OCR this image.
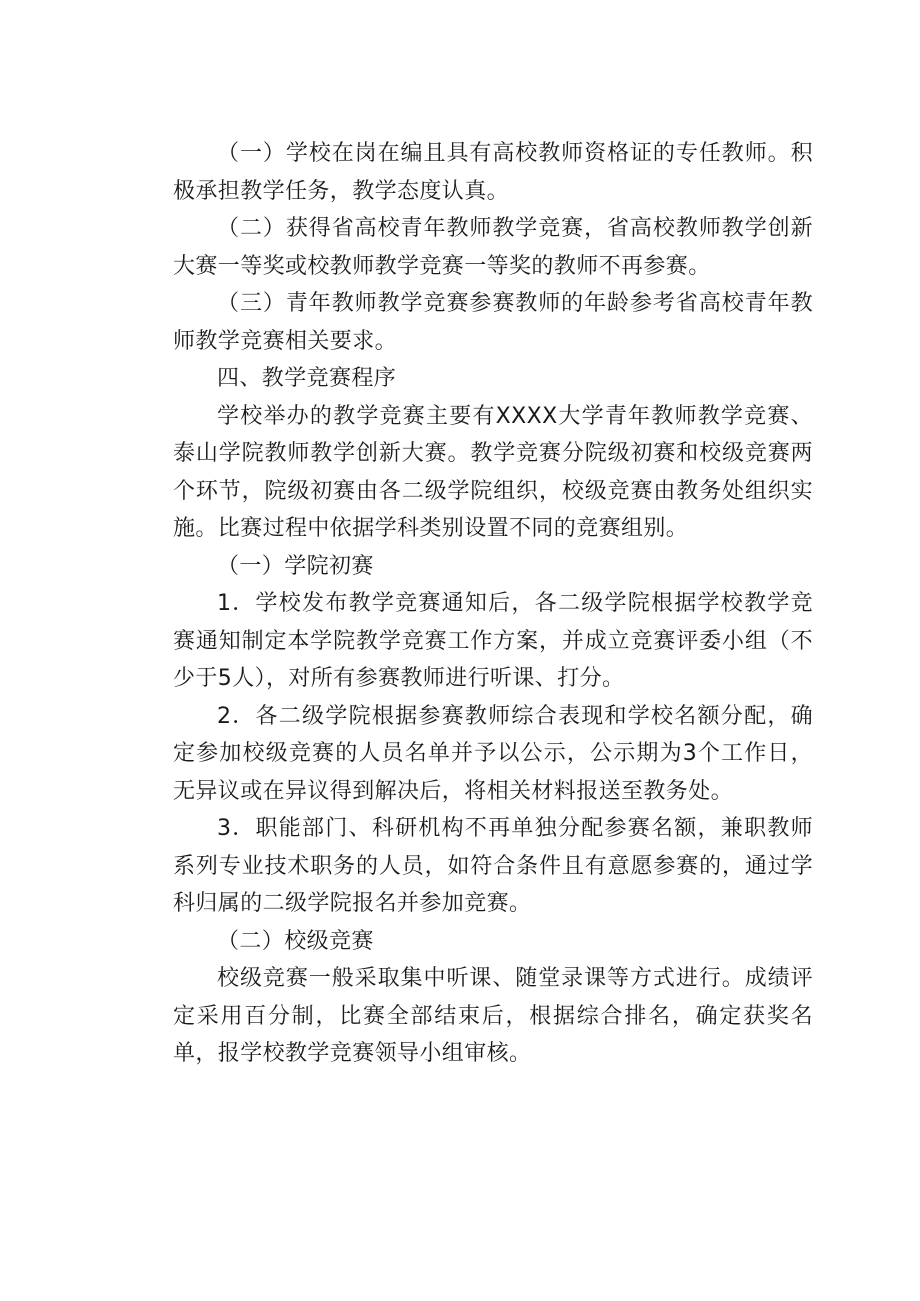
（一）学校在岗在编且具有高校教师资格证的专任教师。积极承担教学任务，教学态度认真。

（二）获得省高校青年教师教学竞赛，省高校教师教学创新大赛一等奖或校教师教学竞赛一等奖的教师不再参赛。

（三）青年教师教学竞赛参赛教师的年龄参考省高校青年教师教学竞赛相关要求。

四、教学竞赛程序

学校举办的教学竞赛主要有XXXX大学青年教师教学竞赛、泰山学院教师教学创新大赛。教学竞赛分院级初赛和校级竞赛两个环节，院级初赛由各二级学院组织，校级竞赛由教务处组织实施。比赛过程中依据学科类别设置不同的竞赛组别。

（一）学院初赛

1．学校发布教学竞赛通知后，各二级学院根据学校教学竞赛通知制定本学院教学竞赛工作方案，并成立竞赛评委小组（不少于5人），对所有参赛教师进行听课、打分。

2．各二级学院根据参赛教师综合表现和学校名额分配，确定参加校级竞赛的人员名单并予以公示，公示期为3个工作日，无异议或在异议得到解决后，将相关材料报送至教务处。

3．职能部门、科研机构不再单独分配参赛名额，兼职教师系列专业技术职务的人员，如符合条件且有意愿参赛的，通过学科归属的二级学院报名并参加竞赛。

（二）校级竞赛

校级竞赛一般采取集中听课、随堂录课等方式进行。成绩评定采用百分制，比赛全部结束后，根据综合排名，确定获奖名单，报学校教学竞赛领导小组审核。
